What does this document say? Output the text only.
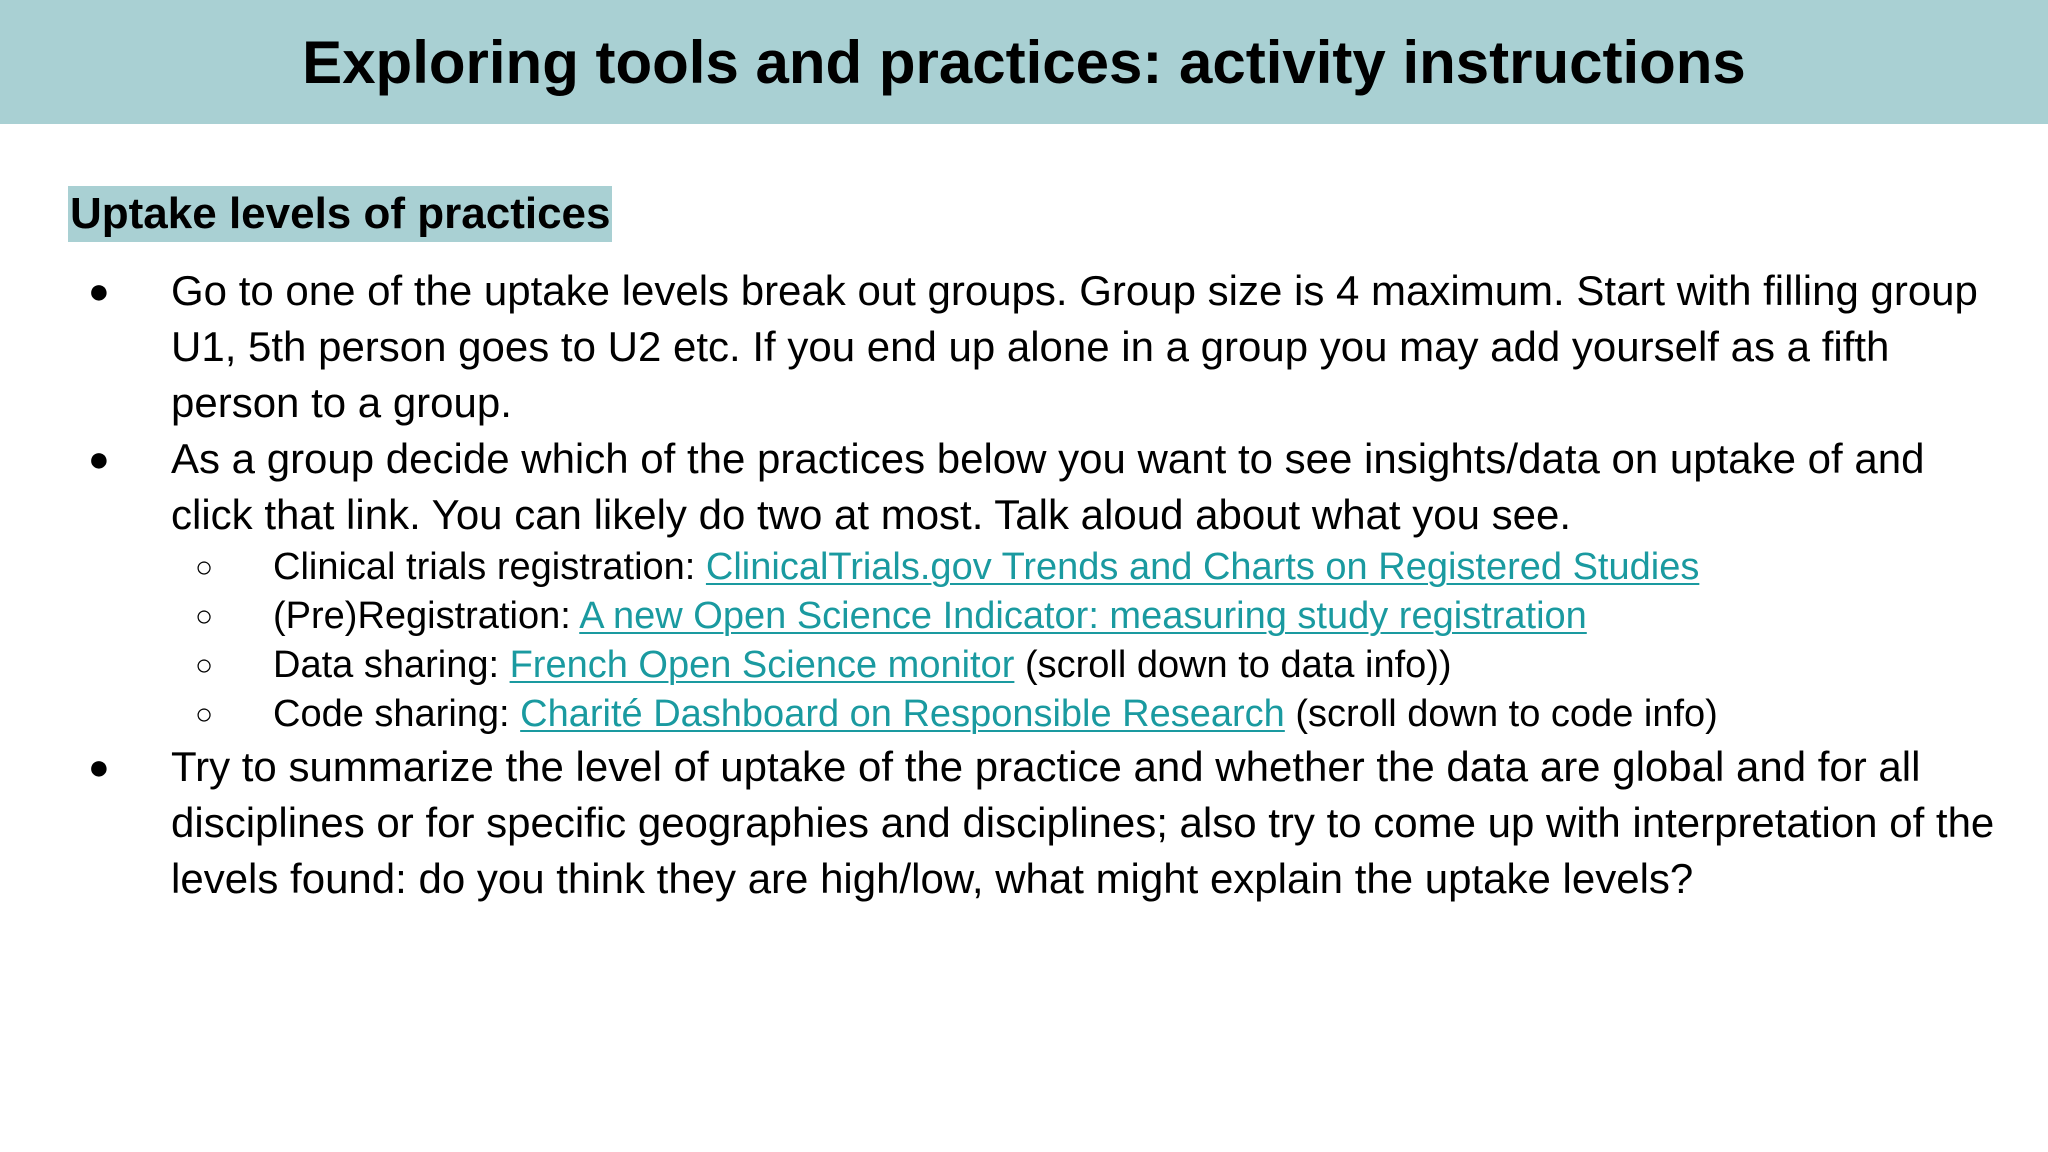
Exploring tools and practices: activity instructions
Uptake levels of practices
● Go to one of the uptake levels break out groups. Group size is 4 maximum. Start with filling group U1, 5th person goes to U2 etc. If you end up alone in a group you may add yourself as a fifth person to a group.
● As a group decide which of the practices below you want to see insights/data on uptake of and click that link. You can likely do two at most. Talk aloud about what you see.
○ Clinical trials registration: ClinicalTrials.gov Trends and Charts on Registered Studies
○ (Pre)Registration: A new Open Science Indicator: measuring study registration
○ Data sharing: French Open Science monitor (scroll down to data info))
○ Code sharing: Charité Dashboard on Responsible Research (scroll down to code info)
● Try to summarize the level of uptake of the practice and whether the data are global and for all disciplines or for specific geographies and disciplines; also try to come up with interpretation of the levels found: do you think they are high/low, what might explain the uptake levels?
